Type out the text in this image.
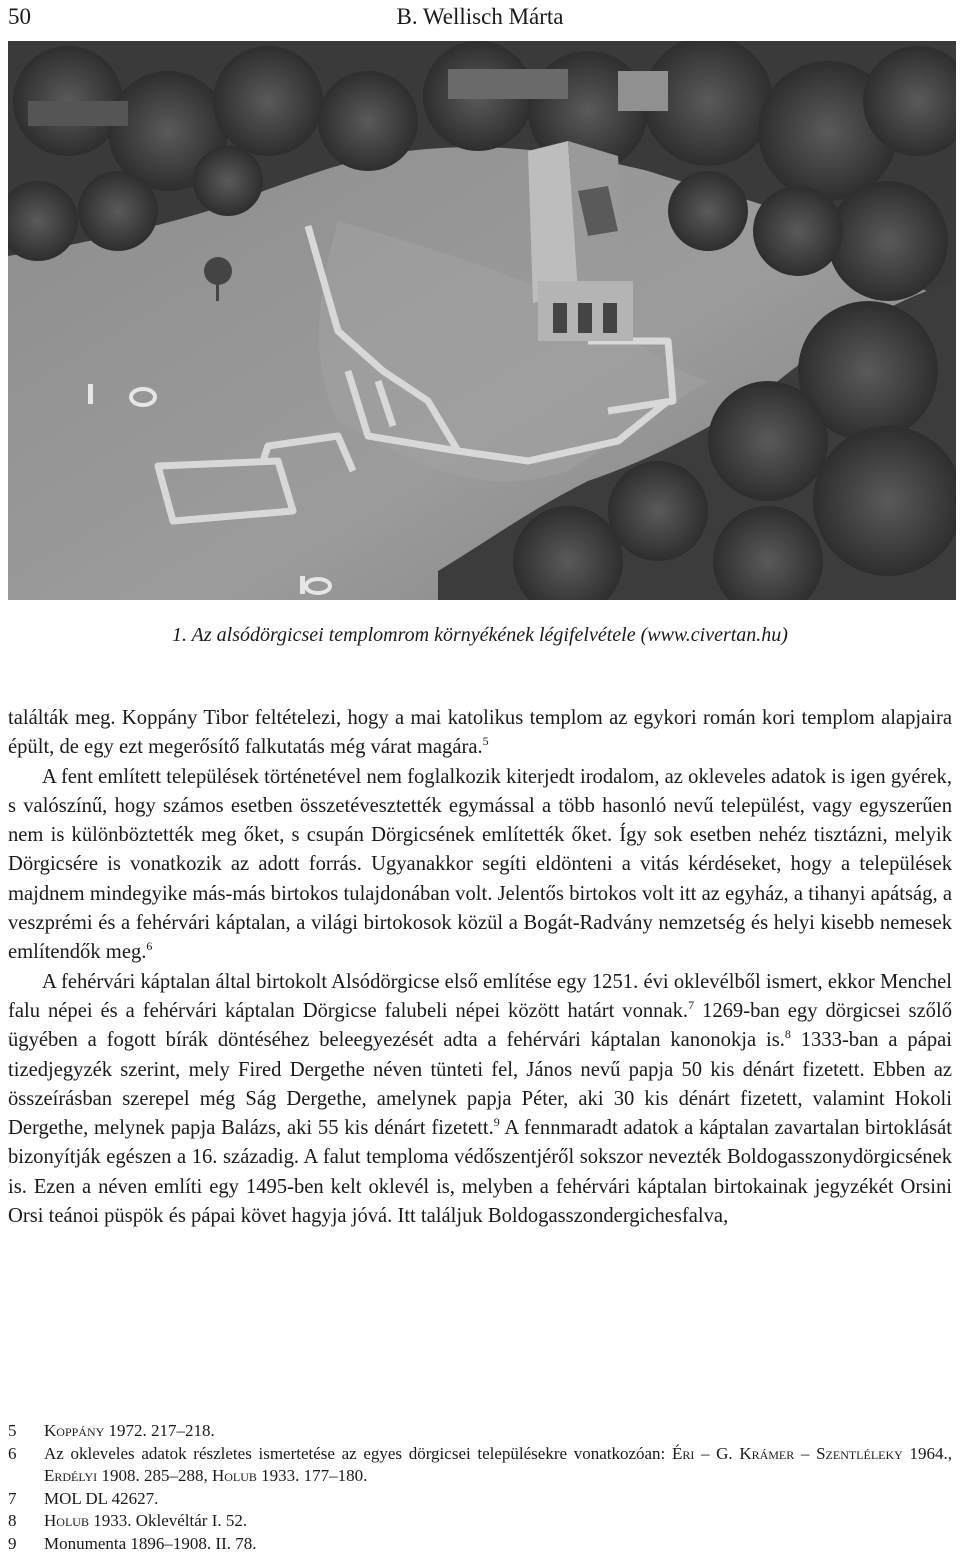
50	B. Wellisch Márta
1. Az alsódörgicsei templomrom környékének légifelvétele (www.civertan.hu)

találták meg. Koppány Tibor feltételezi, hogy a mai katolikus templom az egykori román kori templom alapjaira épült, de egy ezt megerősítő falkutatás még várat magára.$^5$

A fent említett települések történetével nem foglalkozik kiterjedt irodalom, az okleveles adatok is igen gyérek, s valószínű, hogy számos esetben összetévesztették egymással a több hasonló nevű települést, vagy egyszerűen nem is különböztették meg őket, s csupán Dörgicsének említették őket. Így sok esetben nehéz tisztázni, melyik Dörgicsére is vonatkozik az adott forrás. Ugyanakkor segíti eldönteni a vitás kérdéseket, hogy a települések majdnem mindegyike más-más birtokos tulajdonában volt. Jelentős birtokos volt itt az egyház, a tihanyi apátság, a veszprémi és a fehérvári káptalan, a világi birtokosok közül a Bogát-Radvány nemzetség és helyi kisebb nemesek említendők meg.$^6$

A fehérvári káptalan által birtokolt Alsódörgicse első említése egy 1251. évi oklevélből ismert, ekkor Menchel falu népei és a fehérvári káptalan Dörgicse falubeli népei között határt vonnak.$^7$ 1269-ban egy dörgicsei szőlő ügyében a fogott bírák döntéséhez beleegyezését adta a fehérvári káptalan kanonokja is.$^8$ 1333-ban a pápai tizedjegyzék szerint, mely Fired Dergethe néven tünteti fel, János nevű papja 50 kis dénárt fizetett. Ebben az összeírásban szerepel még Ság Dergethe, amelynek papja Péter, aki 30 kis dénárt fizetett, valamint Hokoli Dergethe, melynek papja Balázs, aki 55 kis dénárt fizetett.$^9$ A fennmaradt adatok a káptalan zavartalan birtoklását bizonyítják egészen a 16. századig. A falut temploma védőszentjéről sokszor nevezték Boldogasszonydörgicsének is. Ezen a néven említi egy 1495-ben kelt oklevél is, melyben a fehérvári káptalan birtokainak jegyzékét Orsini Orsi teánoi püspök és pápai követ hagyja jóvá. Itt találjuk Boldogasszondergichesfalva,

5	Koppány 1972. 217–218.
6	Az okleveles adatok részletes ismertetése az egyes dörgicsei településekre vonatkozóan: Éri – G. Krámer – Szentléleky 1964., Erdélyi 1908. 285–288, Holub 1933. 177–180.
7	MOL DL 42627.
8	Holub 1933. Oklevéltár I. 52.
9	Monumenta 1896–1908. II. 78.
